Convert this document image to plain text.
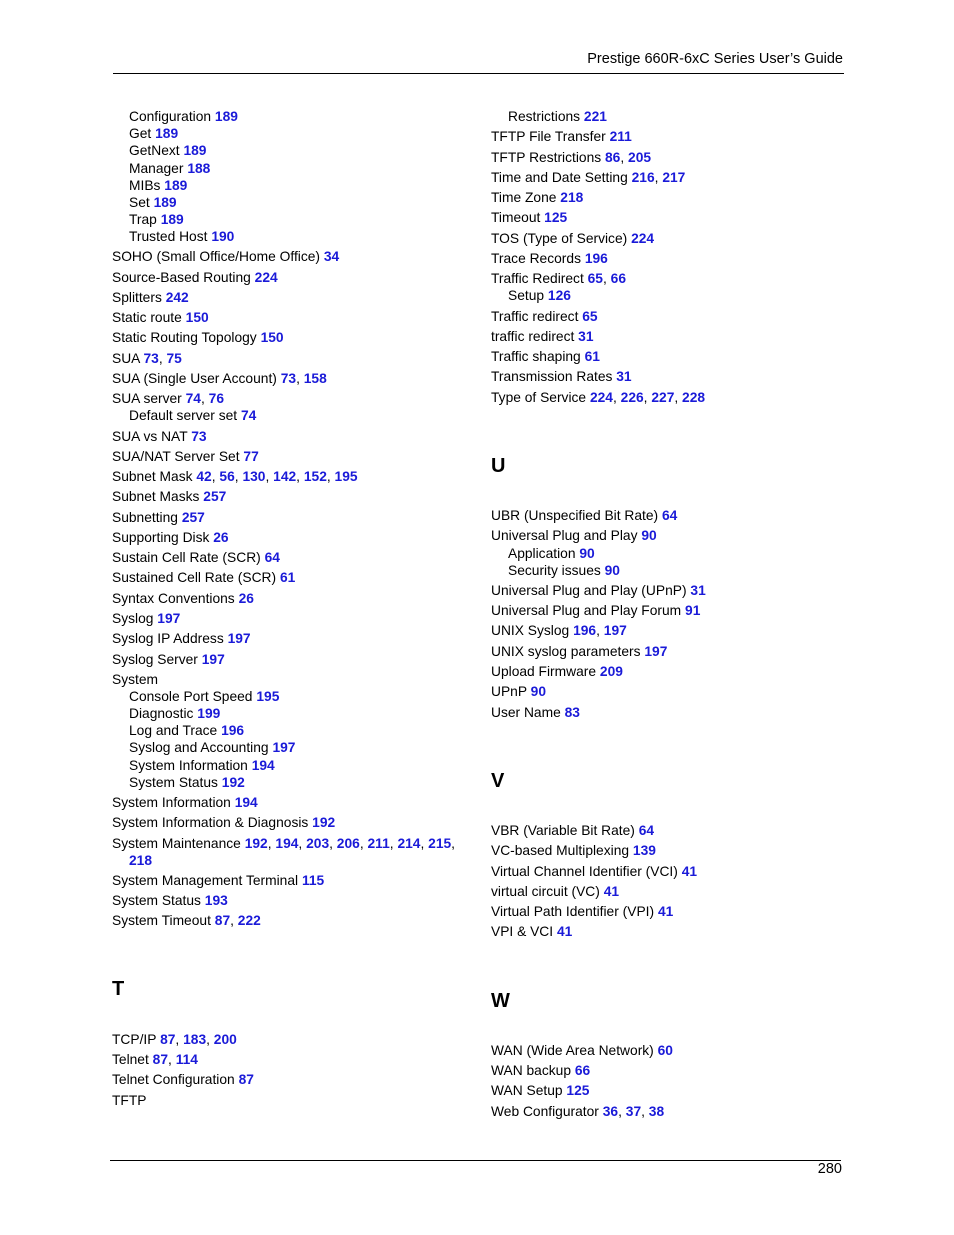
Prestige 660R-6xC Series User’s Guide
Configuration 189
Get 189
GetNext 189
Manager 188
MIBs 189
Set 189
Trap 189
Trusted Host 190
SOHO (Small Office/Home Office) 34
Source-Based Routing 224
Splitters 242
Static route 150
Static Routing Topology 150
SUA 73, 75
SUA (Single User Account) 73, 158
SUA server 74, 76
Default server set 74
SUA vs NAT 73
SUA/NAT Server Set 77
Subnet Mask 42, 56, 130, 142, 152, 195
Subnet Masks 257
Subnetting 257
Supporting Disk 26
Sustain Cell Rate (SCR) 64
Sustained Cell Rate (SCR) 61
Syntax Conventions 26
Syslog 197
Syslog IP Address 197
Syslog Server 197
System
Console Port Speed 195
Diagnostic 199
Log and Trace 196
Syslog and Accounting 197
System Information 194
System Status 192
System Information 194
System Information & Diagnosis 192
System Maintenance 192, 194, 203, 206, 211, 214, 215,
218
System Management Terminal 115
System Status 193
System Timeout 87, 222
T
TCP/IP 87, 183, 200
Telnet 87, 114
Telnet Configuration 87
TFTP
Restrictions 221
TFTP File Transfer 211
TFTP Restrictions 86, 205
Time and Date Setting 216, 217
Time Zone 218
Timeout 125
TOS (Type of Service) 224
Trace Records 196
Traffic Redirect 65, 66
Setup 126
Traffic redirect 65
traffic redirect 31
Traffic shaping 61
Transmission Rates 31
Type of Service 224, 226, 227, 228
U
UBR (Unspecified Bit Rate) 64
Universal Plug and Play 90
Application 90
Security issues 90
Universal Plug and Play (UPnP) 31
Universal Plug and Play Forum 91
UNIX Syslog 196, 197
UNIX syslog parameters 197
Upload Firmware 209
UPnP 90
User Name 83
V
VBR (Variable Bit Rate) 64
VC-based Multiplexing 139
Virtual Channel Identifier (VCI) 41
virtual circuit (VC) 41
Virtual Path Identifier (VPI) 41
VPI & VCI 41
W
WAN (Wide Area Network) 60
WAN backup 66
WAN Setup 125
Web Configurator 36, 37, 38
280
